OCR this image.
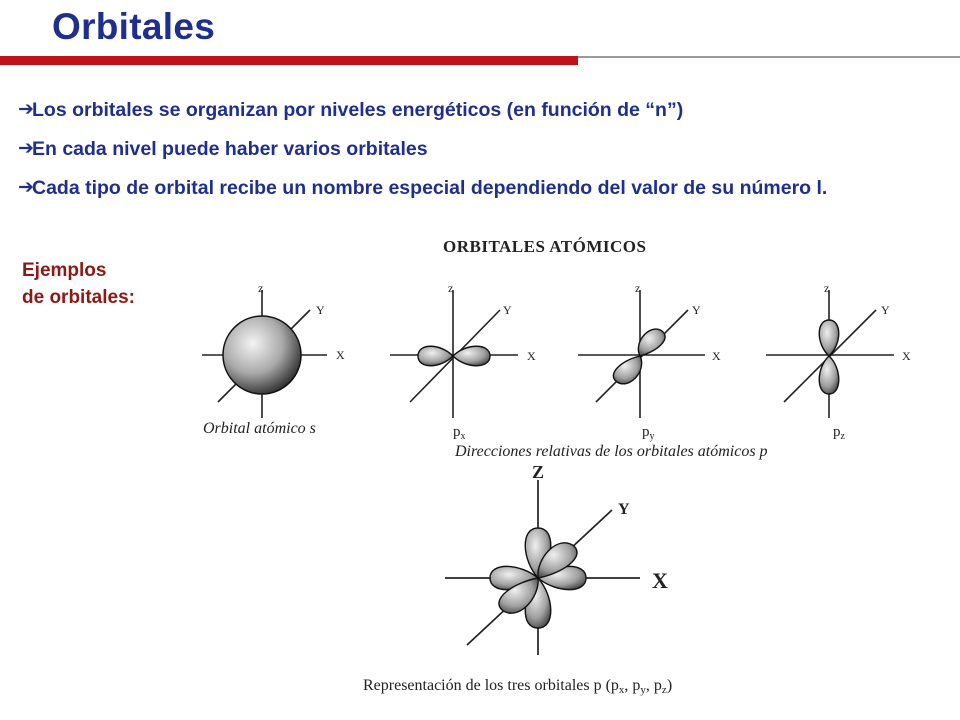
Orbitales
➔
Los orbitales se organizan por niveles energéticos (en función de “n”)
➔
En cada nivel puede haber varios orbitales
➔
Cada tipo de orbital recibe un nombre especial dependiendo del valor de su número l.
Ejemplos
de orbitales:
ORBITALES ATÓMICOS
z
Y
X
Orbital atómico s
z
Y
X
$p_x$
z
Y
X
$p_y$
z
Y
X
$p_z$
Direcciones relativas de los orbitales atómicos p
Z
Y
X
Representación de los tres orbitales p (px, py, pz)
